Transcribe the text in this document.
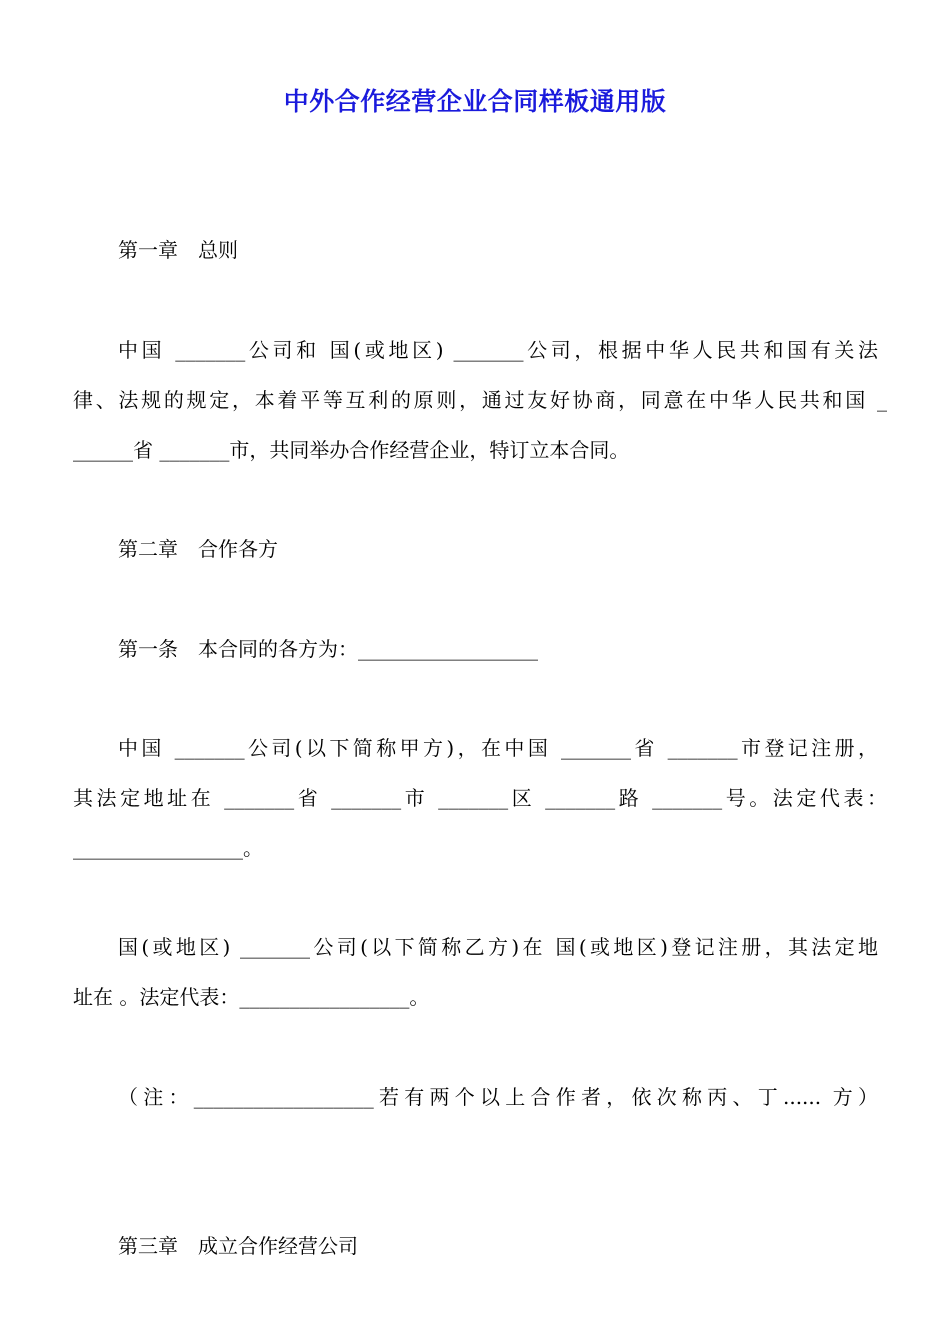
中外合作经营企业合同样板通用版
第一章　总则
中国 _______公司和 国(或地区) _______公司，根据中华人民共和国有关法
律、法规的规定，本着平等互利的原则，通过友好协商，同意在中华人民共和国 _
______省 _______市，共同举办合作经营企业，特订立本合同。
第二章　合作各方
第一条　本合同的各方为：__________________
中国 _______公司(以下简称甲方)，在中国 _______省 _______市登记注册，
其法定地址在 _______省 _______市 _______区 _______路 _______号。法定代表：
_________________。
国(或地区) _______公司(以下简称乙方)在 国(或地区)登记注册，其法定地
址在 。法定代表：_________________。
（注：__________________若有两个以上合作者，依次称丙、丁...... 方）
第三章　成立合作经营公司
